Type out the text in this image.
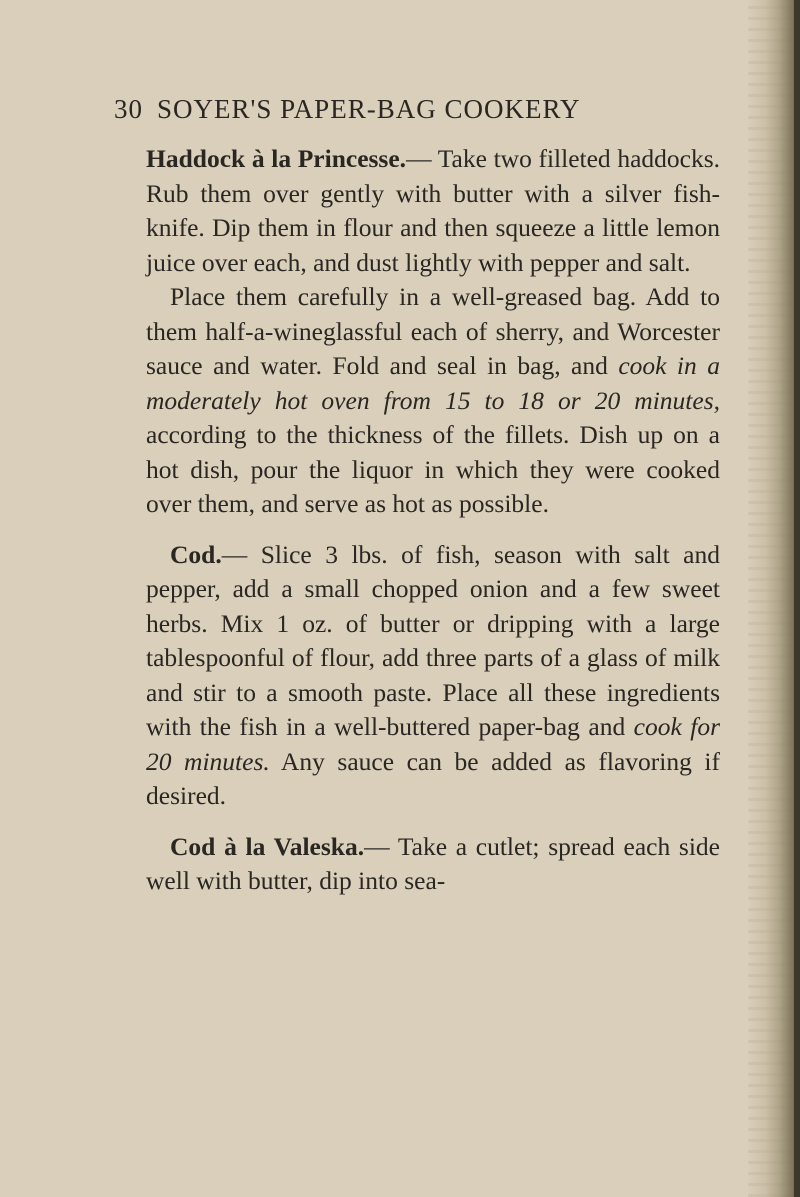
30 SOYER'S PAPER-BAG COOKERY

Haddock à la Princesse.— Take two filleted haddocks. Rub them over gently with butter with a silver fish-knife. Dip them in flour and then squeeze a little lemon juice over each, and dust lightly with pepper and salt.

Place them carefully in a well-greased bag. Add to them half-a-wineglassful each of sherry, and Worcester sauce and water. Fold and seal in bag, and cook in a moderately hot oven from 15 to 18 or 20 minutes, according to the thickness of the fillets. Dish up on a hot dish, pour the liquor in which they were cooked over them, and serve as hot as possible.

Cod.— Slice 3 lbs. of fish, season with salt and pepper, add a small chopped onion and a few sweet herbs. Mix 1 oz. of butter or dripping with a large tablespoonful of flour, add three parts of a glass of milk and stir to a smooth paste. Place all these ingredients with the fish in a well-buttered paper-bag and cook for 20 minutes. Any sauce can be added as flavoring if desired.

Cod à la Valeska.— Take a cutlet; spread each side well with butter, dip into sea-
